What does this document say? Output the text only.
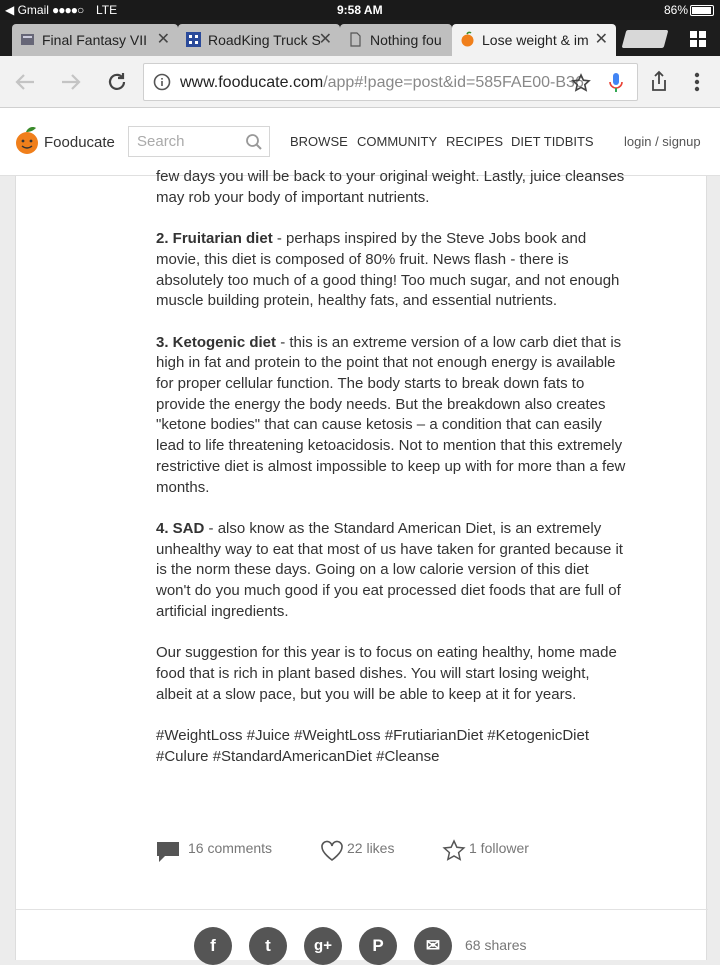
◀ Gmail ●●●●○ LTE	9:58 AM	86%
Final Fantasy VII ✕	RoadKing Truck S
✕	Nothing fou	Lose weight & im ✕
www.fooducate.com/app#!page=post&id=585FAE00-B36
Fooducate
Search	BROWSE COMMUNITY RECIPES DIET TIDBITS login / signup

few days you will be back to your original weight. Lastly, juice cleanses may rob your body of important nutrients.

2. Fruitarian diet - perhaps inspired by the Steve Jobs book and movie, this diet is composed of 80% fruit. News flash - there is absolutely too much of a good thing! Too much sugar, and not enough muscle building protein, healthy fats, and essential nutrients.

3. Ketogenic diet - this is an extreme version of a low carb diet that is high in fat and protein to the point that not enough energy is available for proper cellular function. The body starts to break down fats to provide the energy the body needs. But the breakdown also creates "ketone bodies" that can cause ketosis – a condition that can easily lead to life threatening ketoacidosis. Not to mention that this extremely restrictive diet is almost impossible to keep up with for more than a few months.

4. SAD - also know as the Standard American Diet, is an extremely unhealthy way to eat that most of us have taken for granted because it is the norm these days. Going on a low calorie version of this diet won't do you much good if you eat processed diet foods that are full of artificial ingredients.

Our suggestion for this year is to focus on eating healthy, home made food that is rich in plant based dishes. You will start losing weight, albeit at a slow pace, but you will be able to keep at it for years.

#WeightLoss #Juice #WeightLoss #FrutiarianDiet #KetogenicDiet #Culure #StandardAmericanDiet #Cleanse

16 comments	22 likes	1 follower
f	t	g+	P	✉	68 shares
